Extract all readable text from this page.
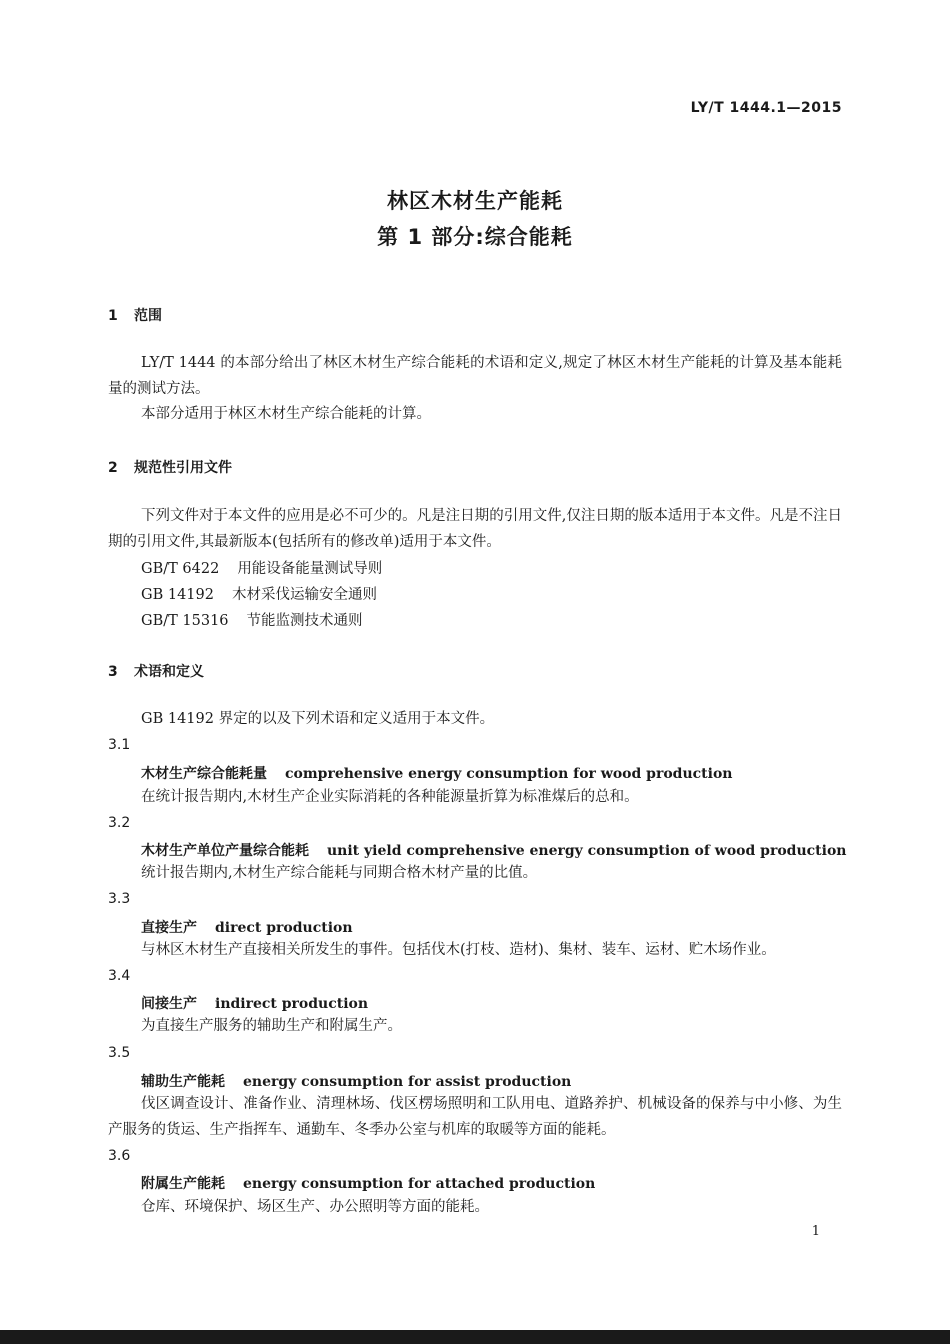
LY/T 1444.1—2015
林区木材生产能耗
第 1 部分:综合能耗
1 范围
LY/T 1444 的本部分给出了林区木材生产综合能耗的术语和定义,规定了林区木材生产能耗的计算及基本能耗量的测试方法。
本部分适用于林区木材生产综合能耗的计算。
2 规范性引用文件
下列文件对于本文件的应用是必不可少的。凡是注日期的引用文件,仅注日期的版本适用于本文件。凡是不注日期的引用文件,其最新版本(包括所有的修改单)适用于本文件。
GB/T 6422 用能设备能量测试导则
GB 14192 木材采伐运输安全通则
GB/T 15316 节能监测技术通则
3 术语和定义
GB 14192 界定的以及下列术语和定义适用于本文件。
3.1
木材生产综合能耗量 comprehensive energy consumption for wood production
在统计报告期内,木材生产企业实际消耗的各种能源量折算为标准煤后的总和。
3.2
木材生产单位产量综合能耗 unit yield comprehensive energy consumption of wood production
统计报告期内,木材生产综合能耗与同期合格木材产量的比值。
3.3
直接生产 direct production
与林区木材生产直接相关所发生的事件。包括伐木(打枝、造材)、集材、装车、运材、贮木场作业。
3.4
间接生产 indirect production
为直接生产服务的辅助生产和附属生产。
3.5
辅助生产能耗 energy consumption for assist production
伐区调查设计、准备作业、清理林场、伐区楞场照明和工队用电、道路养护、机械设备的保养与中小修、为生产服务的货运、生产指挥车、通勤车、冬季办公室与机库的取暖等方面的能耗。
3.6
附属生产能耗 energy consumption for attached production
仓库、环境保护、场区生产、办公照明等方面的能耗。
1
